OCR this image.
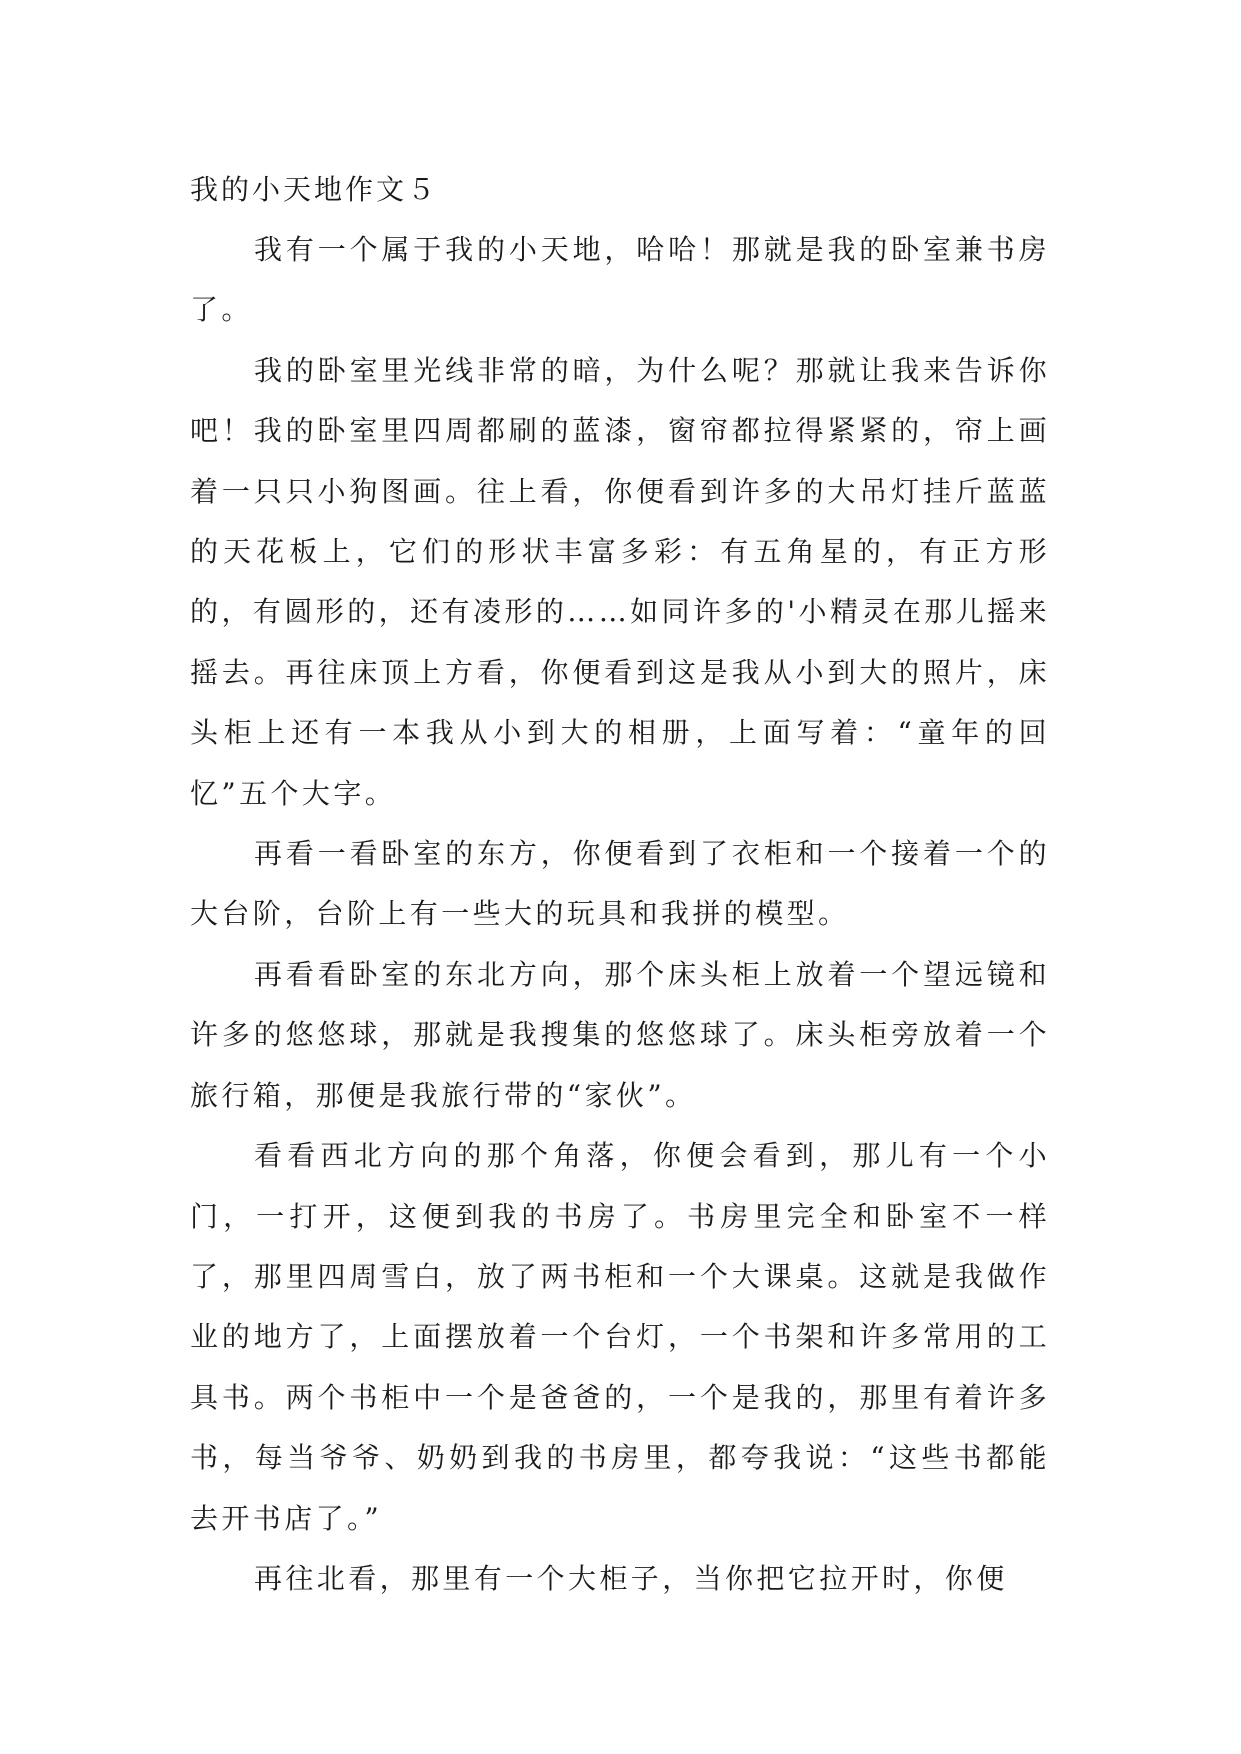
我的小天地作文５

我有一个属于我的小天地，哈哈！那就是我的卧室兼书房了。

我的卧室里光线非常的暗，为什么呢？那就让我来告诉你吧！我的卧室里四周都刷的蓝漆，窗帘都拉得紧紧的，帘上画着一只只小狗图画。往上看，你便看到许多的大吊灯挂斤蓝蓝的天花板上，它们的形状丰富多彩：有五角星的，有正方形的，有圆形的，还有凌形的……如同许多的'小精灵在那儿摇来摇去。再往床顶上方看，你便看到这是我从小到大的照片，床头柜上还有一本我从小到大的相册，上面写着：“童年的回忆”五个大字。

再看一看卧室的东方，你便看到了衣柜和一个接着一个的大台阶，台阶上有一些大的玩具和我拼的模型。

再看看卧室的东北方向，那个床头柜上放着一个望远镜和许多的悠悠球，那就是我搜集的悠悠球了。床头柜旁放着一个旅行箱，那便是我旅行带的“家伙”。

看看西北方向的那个角落，你便会看到，那儿有一个小门，一打开，这便到我的书房了。书房里完全和卧室不一样了，那里四周雪白，放了两书柜和一个大课桌。这就是我做作业的地方了，上面摆放着一个台灯，一个书架和许多常用的工具书。两个书柜中一个是爸爸的，一个是我的，那里有着许多书，每当爷爷、奶奶到我的书房里，都夸我说：“这些书都能去开书店了。”

再往北看，那里有一个大柜子，当你把它拉开时，你便
